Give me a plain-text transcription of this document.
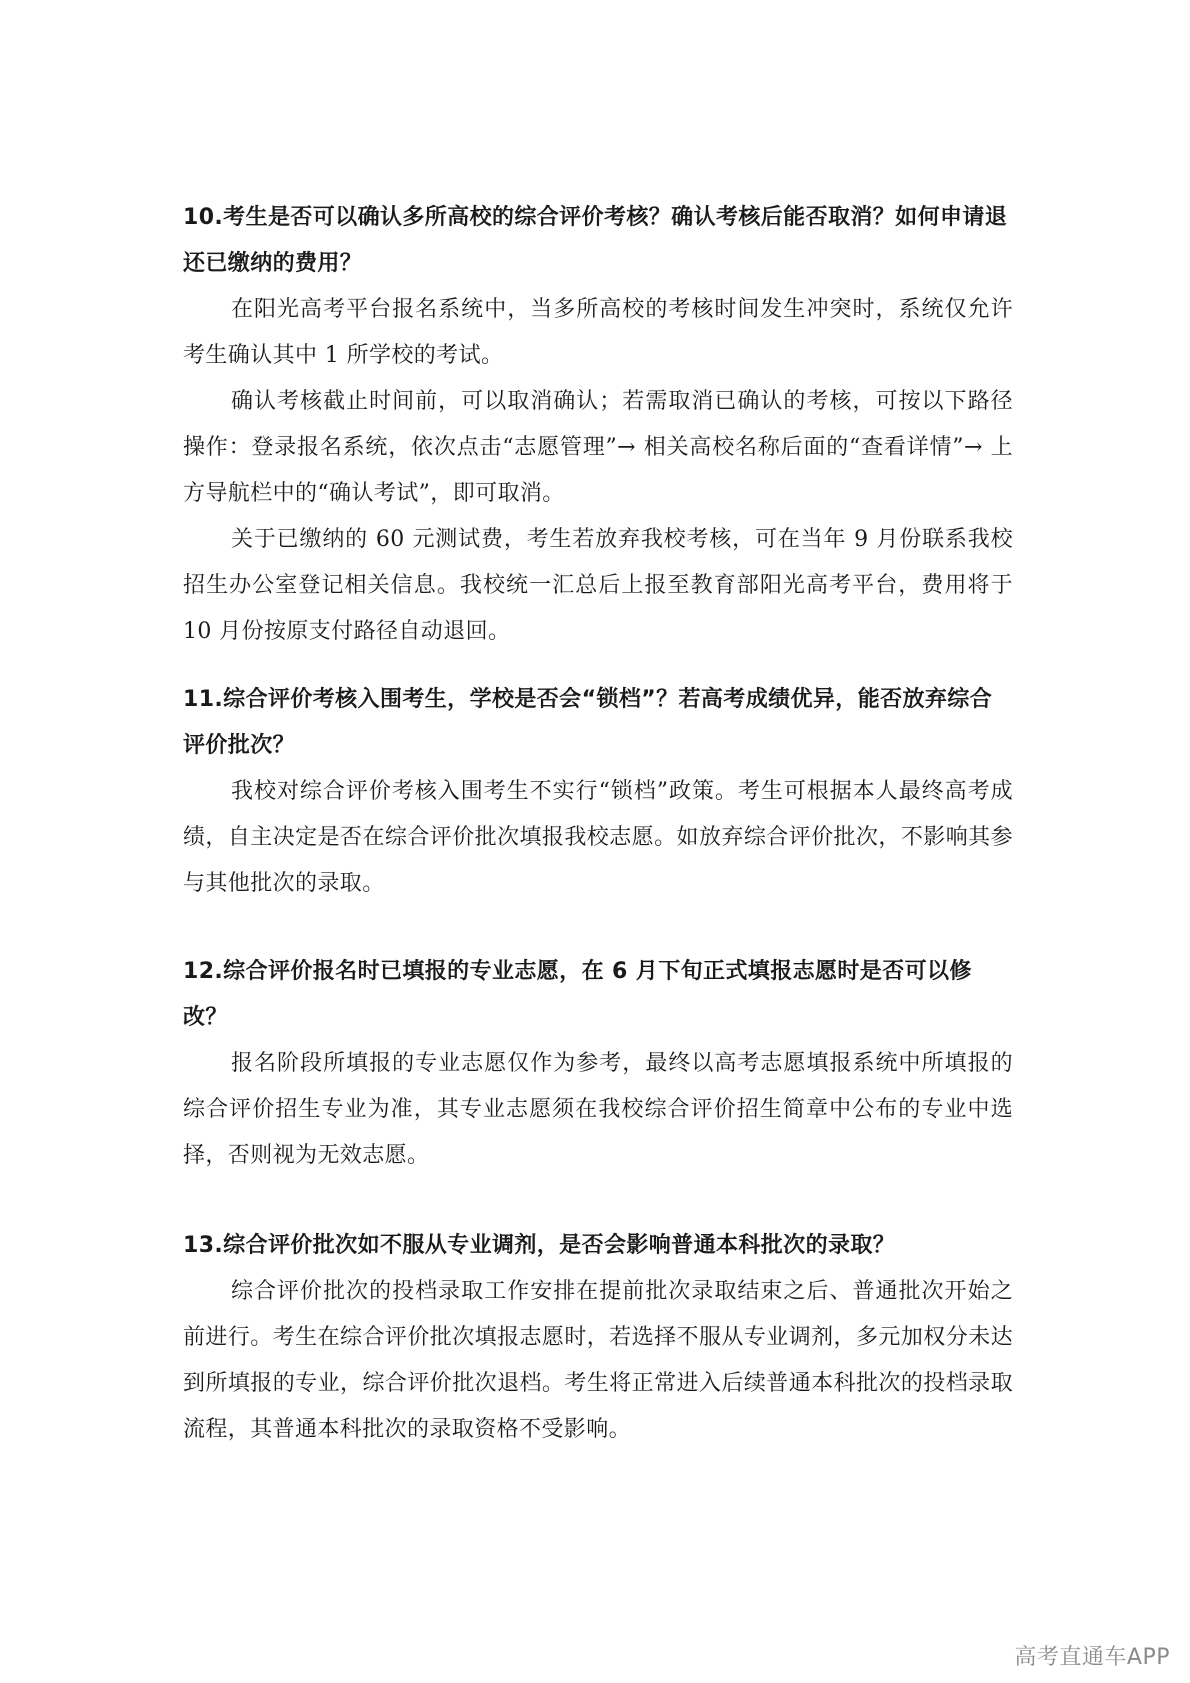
10.考生是否可以确认多所高校的综合评价考核？确认考核后能否取消？如何申请退还已缴纳的费用？

在阳光高考平台报名系统中，当多所高校的考核时间发生冲突时，系统仅允许考生确认其中 1 所学校的考试。

确认考核截止时间前，可以取消确认；若需取消已确认的考核，可按以下路径操作：登录报名系统，依次点击“志愿管理”→ 相关高校名称后面的“查看详情”→ 上方导航栏中的“确认考试”，即可取消。

关于已缴纳的 60 元测试费，考生若放弃我校考核，可在当年 9 月份联系我校招生办公室登记相关信息。我校统一汇总后上报至教育部阳光高考平台，费用将于 10 月份按原支付路径自动退回。

11.综合评价考核入围考生，学校是否会“锁档”？若高考成绩优异，能否放弃综合评价批次？

我校对综合评价考核入围考生不实行“锁档”政策。考生可根据本人最终高考成绩，自主决定是否在综合评价批次填报我校志愿。如放弃综合评价批次，不影响其参与其他批次的录取。

12.综合评价报名时已填报的专业志愿，在 6 月下旬正式填报志愿时是否可以修改？

报名阶段所填报的专业志愿仅作为参考，最终以高考志愿填报系统中所填报的综合评价招生专业为准，其专业志愿须在我校综合评价招生简章中公布的专业中选择，否则视为无效志愿。

13.综合评价批次如不服从专业调剂，是否会影响普通本科批次的录取？

综合评价批次的投档录取工作安排在提前批次录取结束之后、普通批次开始之前进行。考生在综合评价批次填报志愿时，若选择不服从专业调剂，多元加权分未达到所填报的专业，综合评价批次退档。考生将正常进入后续普通本科批次的投档录取流程，其普通本科批次的录取资格不受影响。

高考直通车APP
